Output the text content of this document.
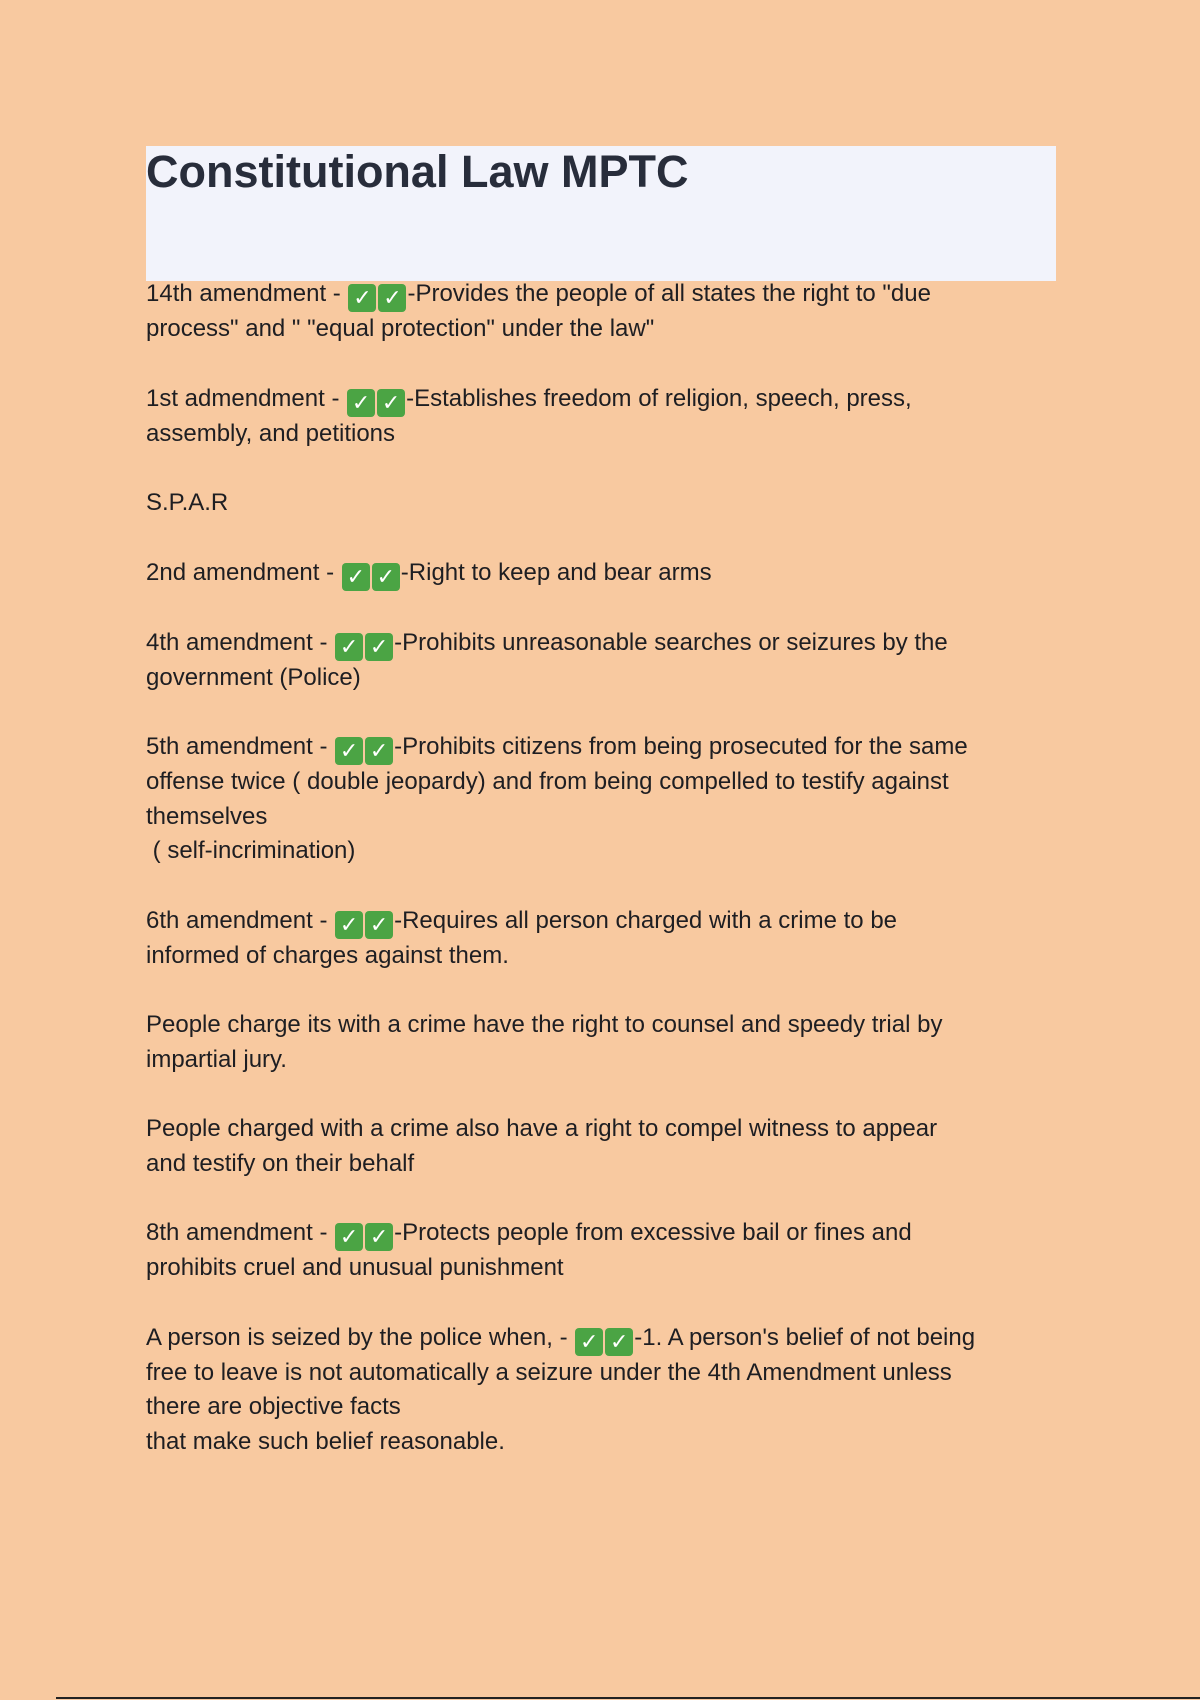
Constitutional Law MPTC
14th amendment - ✓ ✓ -Provides the people of all states the right to "due
process" and " "equal protection" under the law"
1st admendment - ✓ ✓ -Establishes freedom of religion, speech, press,
assembly, and petitions
S.P.A.R
2nd amendment - ✓ ✓ -Right to keep and bear arms
4th amendment - ✓ ✓ -Prohibits unreasonable searches or seizures by the
government (Police)
5th amendment - ✓ ✓ -Prohibits citizens from being prosecuted for the same
offense twice ( double jeopardy) and from being compelled to testify against
themselves
( self-incrimination)
6th amendment - ✓ ✓ -Requires all person charged with a crime to be
informed of charges against them.
People charge its with a crime have the right to counsel and speedy trial by
impartial jury.
People charged with a crime also have a right to compel witness to appear
and testify on their behalf
8th amendment - ✓ ✓ -Protects people from excessive bail or fines and
prohibits cruel and unusual punishment
A person is seized by the police when, - ✓ ✓ -1. A person's belief of not being
free to leave is not automatically a seizure under the 4th Amendment unless
there are objective facts
that make such belief reasonable.
